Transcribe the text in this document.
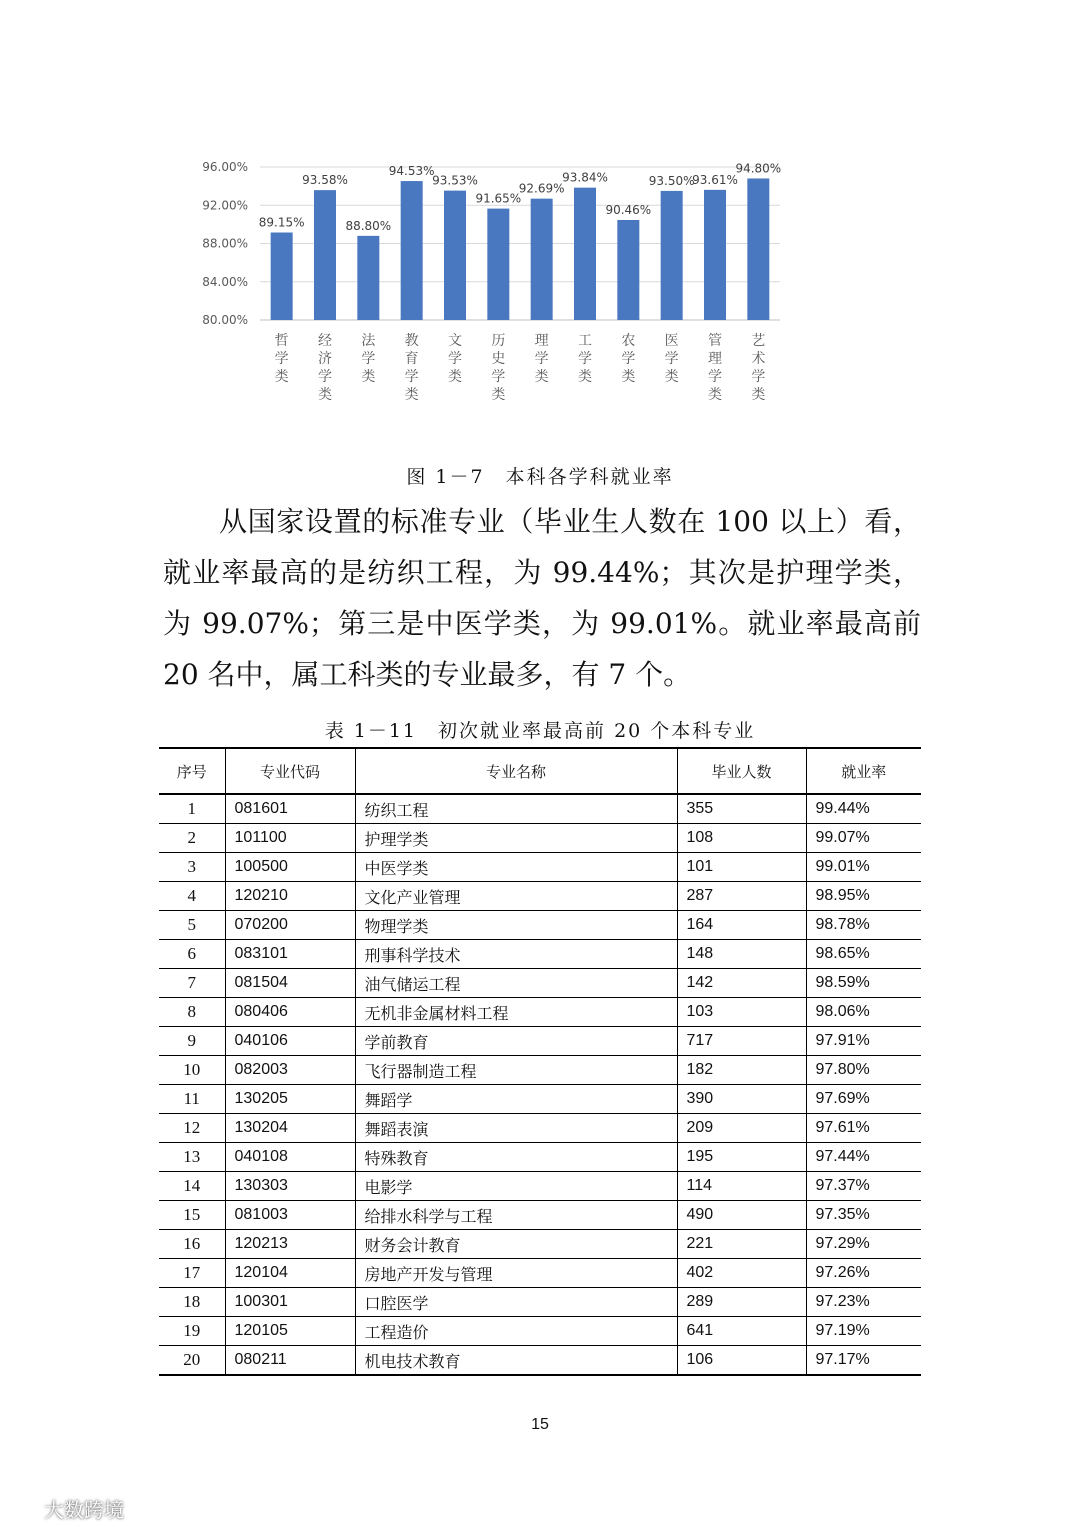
80.00%
84.00%
88.00%
92.00%
96.00%
89.15%
93.58%
88.80%
94.53%
93.53%
91.65%
92.69%
93.84%
90.46%
93.50%
93.61%
94.80%
哲学类
经济学类
法学类
教育学类
文学类
历史学类
理学类
工学类
农学类
医学类
管理学类
艺术学类
图 1－7　本科各学科就业率

从国家设置的标准专业（毕业生人数在 100 以上）看，就业率最高的是纺织工程，为 99.44%；其次是护理学类，为 99.07%；第三是中医学类，为 99.01%。就业率最高前 20 名中，属工科类的专业最多，有 7 个。

表 1－11　初次就业率最高前 20 个本科专业
序号	专业代码	专业名称	毕业人数	就业率
1	081601	纺织工程	355	99.44%
2	101100	护理学类	108	99.07%
3	100500	中医学类	101	99.01%
4	120210	文化产业管理	287	98.95%
5	070200	物理学类	164	98.78%
6	083101	刑事科学技术	148	98.65%
7	081504	油气储运工程	142	98.59%
8	080406	无机非金属材料工程	103	98.06%
9	040106	学前教育	717	97.91%
10	082003	飞行器制造工程	182	97.80%
11	130205	舞蹈学	390	97.69%
12	130204	舞蹈表演	209	97.61%
13	040108	特殊教育	195	97.44%
14	130303	电影学	114	97.37%
15	081003	给排水科学与工程	490	97.35%
16	120213	财务会计教育	221	97.29%
17	120104	房地产开发与管理	402	97.26%
18	100301	口腔医学	289	97.23%
19	120105	工程造价	641	97.19%
20	080211	机电技术教育	106	97.17%
15
大数跨境
